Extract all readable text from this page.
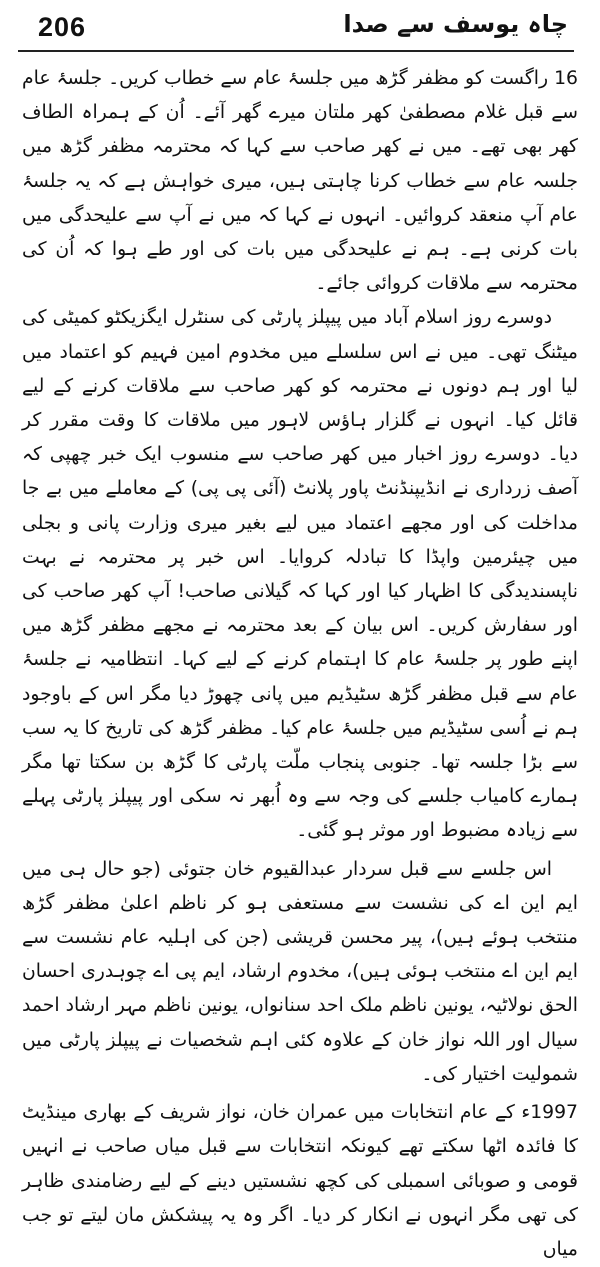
206	چاہ یوسف سے صدا

16 راگست کو مظفر گڑھ میں جلسۂ عام سے خطاب کریں۔ جلسۂ عام سے قبل غلام مصطفیٰ کھر ملتان میرے گھر آئے۔ اُن کے ہمراہ الطاف کھر بھی تھے۔ میں نے کھر صاحب سے کہا کہ محترمہ مظفر گڑھ میں جلسہ عام سے خطاب کرنا چاہتی ہیں، میری خواہش ہے کہ یہ جلسۂ عام آپ منعقد کروائیں۔ انہوں نے کہا کہ میں نے آپ سے علیحدگی میں بات کرنی ہے۔ ہم نے علیحدگی میں بات کی اور طے ہوا کہ اُن کی محترمہ سے ملاقات کروائی جائے۔

دوسرے روز اسلام آباد میں پیپلز پارٹی کی سنٹرل ایگزیکٹو کمیٹی کی میٹنگ تھی۔ میں نے اس سلسلے میں مخدوم امین فہیم کو اعتماد میں لیا اور ہم دونوں نے محترمہ کو کھر صاحب سے ملاقات کرنے کے لیے قائل کیا۔ انہوں نے گلزار ہاؤس لاہور میں ملاقات کا وقت مقرر کر دیا۔ دوسرے روز اخبار میں کھر صاحب سے منسوب ایک خبر چھپی کہ آصف زرداری نے انڈیپنڈنٹ پاور پلانٹ (آئی پی پی) کے معاملے میں بے جا مداخلت کی اور مجھے اعتماد میں لیے بغیر میری وزارت پانی و بجلی میں چیئرمین واپڈا کا تبادلہ کروایا۔ اس خبر پر محترمہ نے بہت ناپسندیدگی کا اظہار کیا اور کہا کہ گیلانی صاحب! آپ کھر صاحب کی اور سفارش کریں۔ اس بیان کے بعد محترمہ نے مجھے مظفر گڑھ میں اپنے طور پر جلسۂ عام کا اہتمام کرنے کے لیے کہا۔ انتظامیہ نے جلسۂ عام سے قبل مظفر گڑھ سٹیڈیم میں پانی چھوڑ دیا مگر اس کے باوجود ہم نے اُسی سٹیڈیم میں جلسۂ عام کیا۔ مظفر گڑھ کی تاریخ کا یہ سب سے بڑا جلسہ تھا۔ جنوبی پنجاب ملّت پارٹی کا گڑھ بن سکتا تھا مگر ہمارے کامیاب جلسے کی وجہ سے وہ اُبھر نہ سکی اور پیپلز پارٹی پہلے سے زیادہ مضبوط اور موثر ہو گئی۔

اس جلسے سے قبل سردار عبدالقیوم خان جتوئی (جو حال ہی میں ایم این اے کی نشست سے مستعفی ہو کر ناظم اعلیٰ مظفر گڑھ منتخب ہوئے ہیں)، پیر محسن قریشی (جن کی اہلیہ عام نشست سے ایم این اے منتخب ہوئی ہیں)، مخدوم ارشاد، ایم پی اے چوہدری احسان الحق نولاٹیہ، یونین ناظم ملک احد سنانواں، یونین ناظم مہر ارشاد احمد سیال اور اللہ نواز خان کے علاوہ کئی اہم شخصیات نے پیپلز پارٹی میں شمولیت اختیار کی۔

1997ء کے عام انتخابات میں عمران خان، نواز شریف کے بھاری مینڈیٹ کا فائدہ اٹھا سکتے تھے کیونکہ انتخابات سے قبل میاں صاحب نے انہیں قومی و صوبائی اسمبلی کی کچھ نشستیں دینے کے لیے رضامندی ظاہر کی تھی مگر انہوں نے انکار کر دیا۔ اگر وہ یہ پیشکش مان لیتے تو جب میاں
